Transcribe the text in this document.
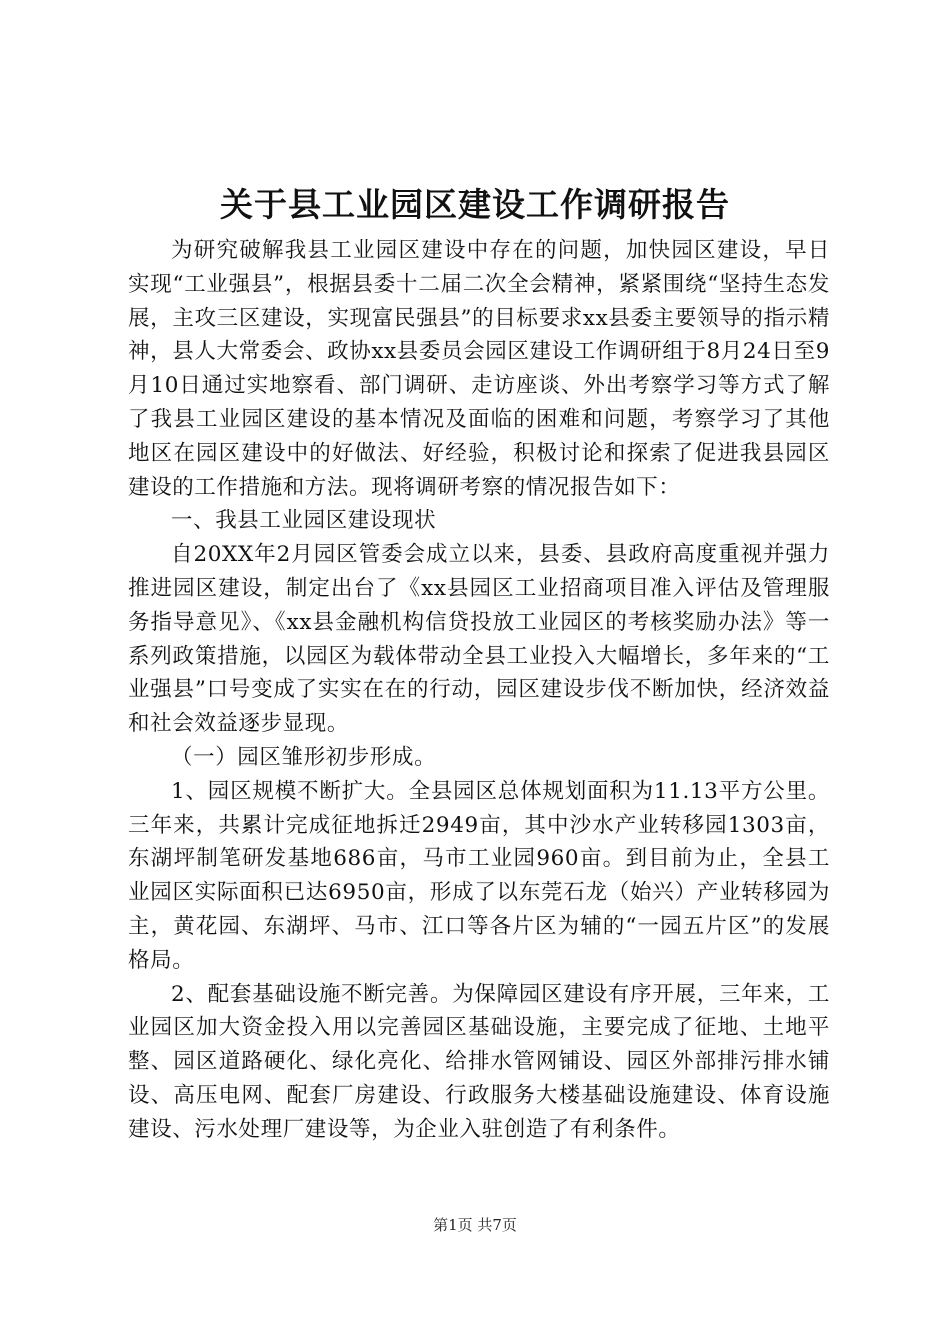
关于县工业园区建设工作调研报告

为研究破解我县工业园区建设中存在的问题，加快园区建设，早日实现“工业强县”，根据县委十二届二次全会精神，紧紧围绕“坚持生态发展，主攻三区建设，实现富民强县”的目标要求xx县委主要领导的指示精神，县人大常委会、政协xx县委员会园区建设工作调研组于8月24日至9月10日通过实地察看、部门调研、走访座谈、外出考察学习等方式了解了我县工业园区建设的基本情况及面临的困难和问题，考察学习了其他地区在园区建设中的好做法、好经验，积极讨论和探索了促进我县园区建设的工作措施和方法。现将调研考察的情况报告如下：

一、我县工业园区建设现状

自20XX年2月园区管委会成立以来，县委、县政府高度重视并强力推进园区建设，制定出台了《xx县园区工业招商项目准入评估及管理服务指导意见》、《xx县金融机构信贷投放工业园区的考核奖励办法》等一系列政策措施，以园区为载体带动全县工业投入大幅增长，多年来的“工业强县”口号变成了实实在在的行动，园区建设步伐不断加快，经济效益和社会效益逐步显现。

（一）园区雏形初步形成。

1、园区规模不断扩大。全县园区总体规划面积为11.13平方公里。三年来，共累计完成征地拆迁2949亩，其中沙水产业转移园1303亩，东湖坪制笔研发基地686亩，马市工业园960亩。到目前为止，全县工业园区实际面积已达6950亩，形成了以东莞石龙（始兴）产业转移园为主，黄花园、东湖坪、马市、江口等各片区为辅的“一园五片区”的发展格局。

2、配套基础设施不断完善。为保障园区建设有序开展，三年来，工业园区加大资金投入用以完善园区基础设施，主要完成了征地、土地平整、园区道路硬化、绿化亮化、给排水管网铺设、园区外部排污排水铺设、高压电网、配套厂房建设、行政服务大楼基础设施建设、体育设施建设、污水处理厂建设等，为企业入驻创造了有利条件。

第1页 共7页
